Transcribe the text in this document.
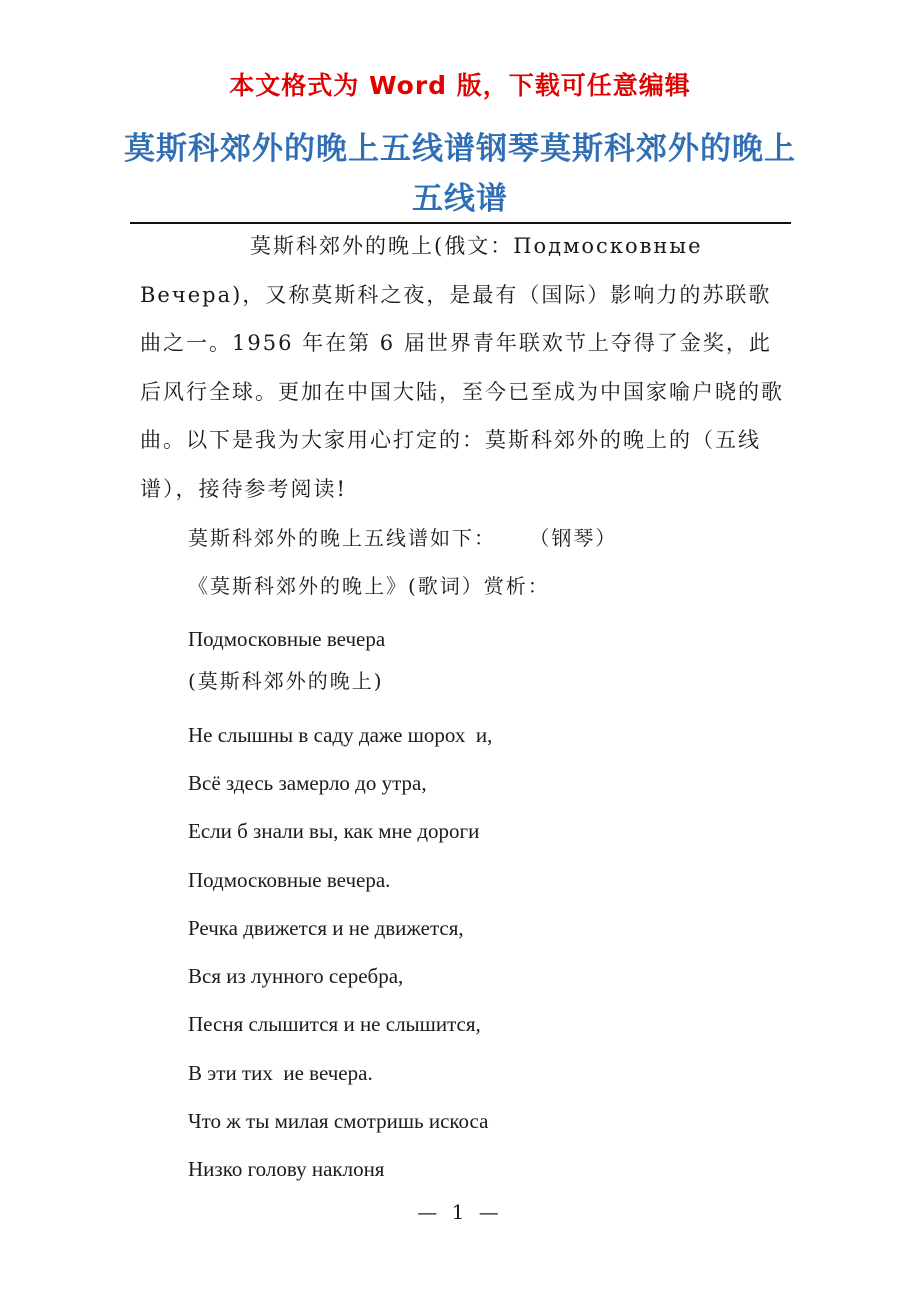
本文格式为 Word 版，下载可任意编辑
莫斯科郊外的晚上五线谱钢琴莫斯科郊外的晚上五线谱
莫斯科郊外的晚上(俄文：Подмосковные Вечера)，又称莫斯科之夜，是最有（国际）影响力的苏联歌曲之一。1956 年在第 6 届世界青年联欢节上夺得了金奖，此后风行全球。更加在中国大陆，至今已至成为中国家喻户晓的歌曲。以下是我为大家用心打定的：莫斯科郊外的晚上的（五线谱），接待参考阅读!
莫斯科郊外的晚上五线谱如下：    （钢琴）
《莫斯科郊外的晚上》(歌词）赏析：
Подмосковные вечера
(莫斯科郊外的晚上)
Не слышны в саду даже шорох  и,
Всё здесь замерло до утра,
Если б знали вы, как мне дороги
Подмосковные вечера.
Речка движется и не движется,
Вся из лунного серебра,
Песня слышится и не слышится,
В эти тих  ие вечера.
Что ж ты милая смотришь искоса
Низко голову наклоня
— 1 —
